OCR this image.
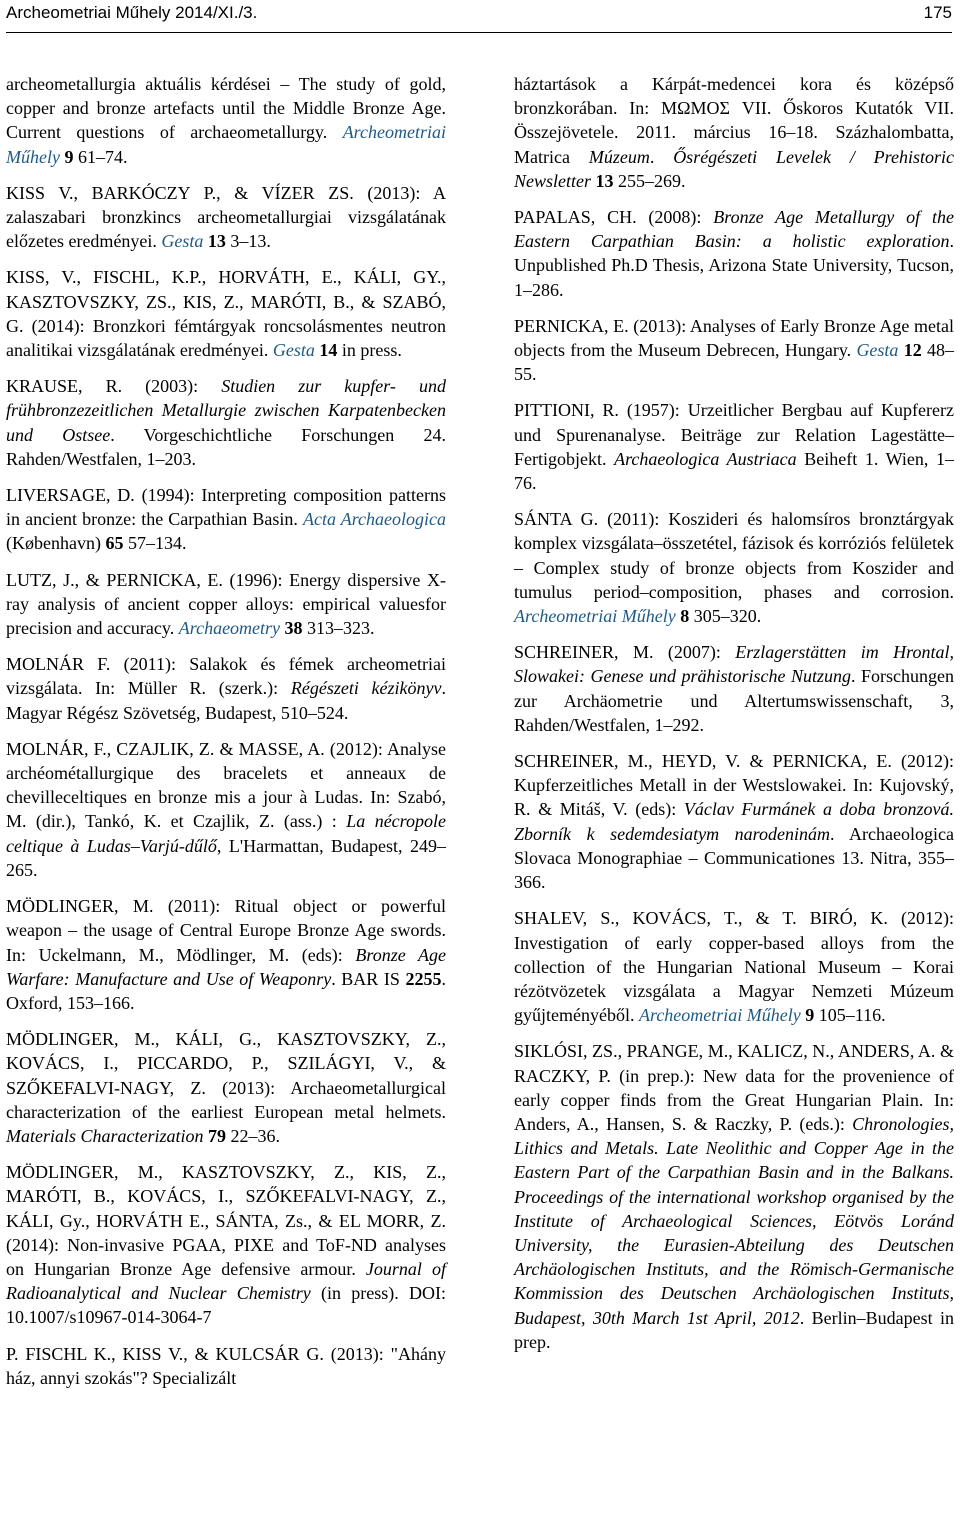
Archeometriai Műhely 2014/XI./3.	175

archeometallurgia aktuális kérdései – The study of gold, copper and bronze artefacts until the Middle Bronze Age. Current questions of archaeometallurgy. Archeometriai Műhely 9 61–74.

KISS V., BARKÓCZY P., & VÍZER ZS. (2013): A zalaszabari bronzkincs archeometallurgiai vizsgálatának előzetes eredményei. Gesta 13 3–13.

KISS, V., FISCHL, K.P., HORVÁTH, E., KÁLI, GY., KASZTOVSZKY, ZS., KIS, Z., MARÓTI, B., & SZABÓ, G. (2014): Bronzkori fémtárgyak roncsolásmentes neutron analitikai vizsgálatának eredményei. Gesta 14 in press.

KRAUSE, R. (2003): Studien zur kupfer- und frühbronzezeitlichen Metallurgie zwischen Karpatenbecken und Ostsee. Vorgeschichtliche Forschungen 24. Rahden/Westfalen, 1–203.

LIVERSAGE, D. (1994): Interpreting composition patterns in ancient bronze: the Carpathian Basin. Acta Archaeologica (København) 65 57–134.

LUTZ, J., & PERNICKA, E. (1996): Energy dispersive X-ray analysis of ancient copper alloys: empirical valuesfor precision and accuracy. Archaeometry 38 313–323.

MOLNÁR F. (2011): Salakok és fémek archeometriai vizsgálata. In: Müller R. (szerk.): Régészeti kézikönyv. Magyar Régész Szövetség, Budapest, 510–524.

MOLNÁR, F., CZAJLIK, Z. & MASSE, A. (2012): Analyse archéométallurgique des bracelets et anneaux de chevilleceltiques en bronze mis a jour à Ludas. In: Szabó, M. (dir.), Tankó, K. et Czajlik, Z. (ass.) : La nécropole celtique à Ludas–Varjú-dűlő, L'Harmattan, Budapest, 249–265.

MÖDLINGER, M. (2011): Ritual object or powerful weapon – the usage of Central Europe Bronze Age swords. In: Uckelmann, M., Mödlinger, M. (eds): Bronze Age Warfare: Manufacture and Use of Weaponry. BAR IS 2255. Oxford, 153–166.

MÖDLINGER, M., KÁLI, G., KASZTOVSZKY, Z., KOVÁCS, I., PICCARDO, P., SZILÁGYI, V., & SZŐKEFALVI-NAGY, Z. (2013): Archaeometallurgical characterization of the earliest European metal helmets. Materials Characterization 79 22–36.

MÖDLINGER, M., KASZTOVSZKY, Z., KIS, Z., MARÓTI, B., KOVÁCS, I., SZŐKEFALVI-NAGY, Z., KÁLI, Gy., HORVÁTH E., SÁNTA, Zs., & EL MORR, Z. (2014): Non-invasive PGAA, PIXE and ToF-ND analyses on Hungarian Bronze Age defensive armour. Journal of Radioanalytical and Nuclear Chemistry (in press). DOI: 10.1007/s10967-014-3064-7

P. FISCHL K., KISS V., & KULCSÁR G. (2013): "Ahány ház, annyi szokás"? Specializált

háztartások a Kárpát-medencei kora és középső bronzkorában. In: ΜΩΜΟΣ VII. Őskoros Kutatók VII. Összejövetele. 2011. március 16–18. Százhalombatta, Matrica Múzeum. Ősrégészeti Levelek / Prehistoric Newsletter 13 255–269.

PAPALAS, CH. (2008): Bronze Age Metallurgy of the Eastern Carpathian Basin: a holistic exploration. Unpublished Ph.D Thesis, Arizona State University, Tucson, 1–286.

PERNICKA, E. (2013): Analyses of Early Bronze Age metal objects from the Museum Debrecen, Hungary. Gesta 12 48–55.

PITTIONI, R. (1957): Urzeitlicher Bergbau auf Kupfererz und Spurenanalyse. Beiträge zur Relation Lagestätte–Fertigobjekt. Archaeologica Austriaca Beiheft 1. Wien, 1–76.

SÁNTA G. (2011): Koszideri és halomsíros bronztárgyak komplex vizsgálata–összetétel, fázisok és korróziós felületek – Complex study of bronze objects from Koszider and tumulus period–composition, phases and corrosion. Archeometriai Műhely 8 305–320.

SCHREINER, M. (2007): Erzlagerstätten im Hrontal, Slowakei: Genese und prähistorische Nutzung. Forschungen zur Archäometrie und Altertumswissenschaft, 3, Rahden/Westfalen, 1–292.

SCHREINER, M., HEYD, V. & PERNICKA, E. (2012): Kupferzeitliches Metall in der Westslowakei. In: Kujovský, R. & Mitáš, V. (eds): Václav Furmánek a doba bronzová. Zborník k sedemdesiatym narodeninám. Archaeologica Slovaca Monographiae – Communicationes 13. Nitra, 355–366.

SHALEV, S., KOVÁCS, T., & T. BIRÓ, K. (2012): Investigation of early copper-based alloys from the collection of the Hungarian National Museum – Korai rézötvözetek vizsgálata a Magyar Nemzeti Múzeum gyűjteményéből. Archeometriai Műhely 9 105–116.

SIKLÓSI, ZS., PRANGE, M., KALICZ, N., ANDERS, A. & RACZKY, P. (in prep.): New data for the provenience of early copper finds from the Great Hungarian Plain. In: Anders, A., Hansen, S. & Raczky, P. (eds.): Chronologies, Lithics and Metals. Late Neolithic and Copper Age in the Eastern Part of the Carpathian Basin and in the Balkans. Proceedings of the international workshop organised by the Institute of Archaeological Sciences, Eötvös Loránd University, the Eurasien-Abteilung des Deutschen Archäologischen Instituts, and the Römisch-Germanische Kommission des Deutschen Archäologischen Instituts, Budapest, 30th March 1st April, 2012. Berlin–Budapest in prep.
